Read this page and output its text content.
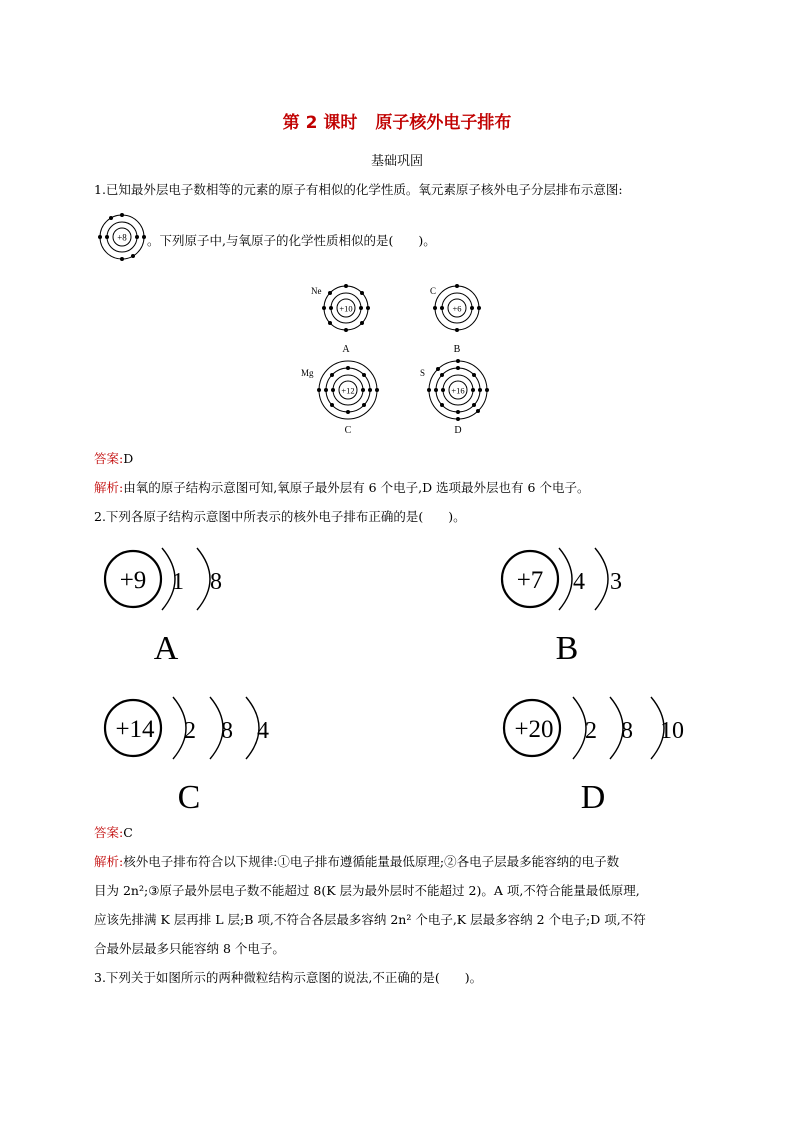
第 2 课时 原子核外电子排布
基础巩固
1.已知最外层电子数相等的元素的原子有相似的化学性质。氧元素原子核外电子分层排布示意图:
+8 。下列原子中,与氧原子的化学性质相似的是(　　)。
Ne
+10
A
C
+6
B
Mg
+12
C
S
+16
D
答案:D
解析:由氧的原子结构示意图可知,氧原子最外层有 6 个电子,D 选项最外层也有 6 个电子。
2.下列各原子结构示意图中所表示的核外电子排布正确的是(　　)。
+9 1 8
A
+7 4 3
B
+14 2 8 4
C
+20 2 8 10
D
答案:C
解析:核外电子排布符合以下规律:①电子排布遵循能量最低原理;②各电子层最多能容纳的电子数
目为 2n²;③原子最外层电子数不能超过 8(K 层为最外层时不能超过 2)。A 项,不符合能量最低原理,
应该先排满 K 层再排 L 层;B 项,不符合各层最多容纳 2n² 个电子,K 层最多容纳 2 个电子;D 项,不符
合最外层最多只能容纳 8 个电子。
3.下列关于如图所示的两种微粒结构示意图的说法,不正确的是(　　)。
